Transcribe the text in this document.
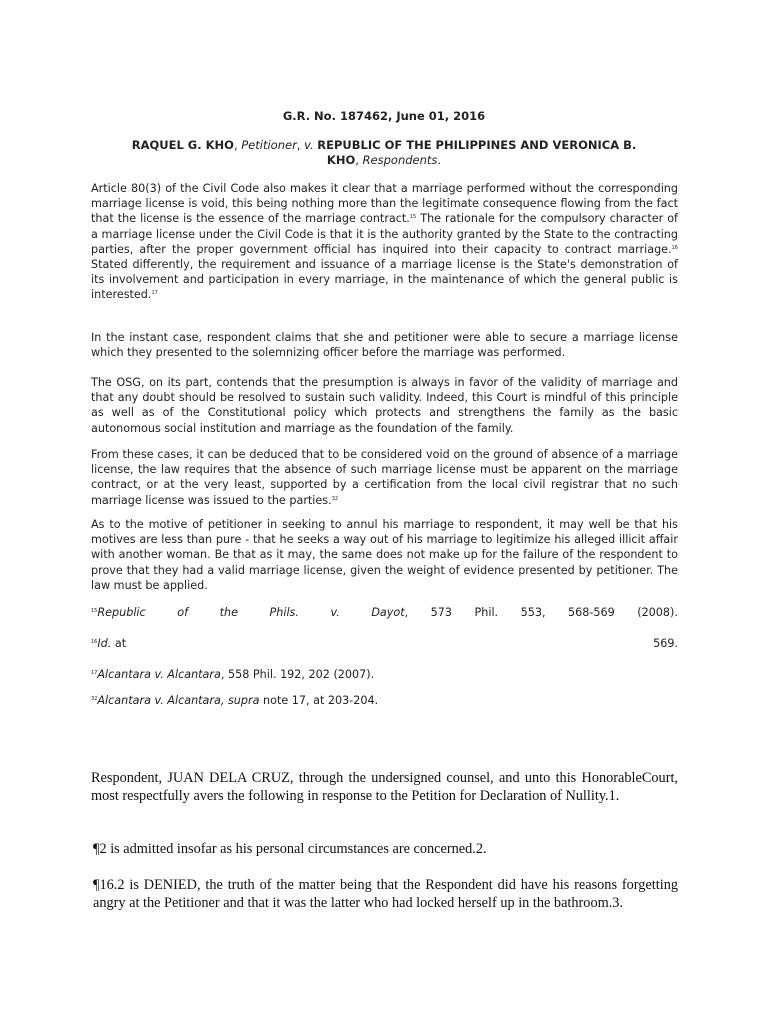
G.R. No. 187462, June 01, 2016
RAQUEL G. KHO, Petitioner, v. REPUBLIC OF THE PHILIPPINES AND VERONICA B.
KHO, Respondents.

Article 80(3) of the Civil Code also makes it clear that a marriage performed without the corresponding marriage license is void, this being nothing more than the legitimate consequence flowing from the fact that the license is the essence of the marriage contract.$^{15}$ The rationale for the compulsory character of a marriage license under the Civil Code is that it is the authority granted by the State to the contracting parties, after the proper government official has inquired into their capacity to contract marriage.$^{16}$ Stated differently, the requirement and issuance of a marriage license is the State's demonstration of its involvement and participation in every marriage, in the maintenance of which the general public is interested.$^{17}$

In the instant case, respondent claims that she and petitioner were able to secure a marriage license which they presented to the solemnizing officer before the marriage was performed.

The OSG, on its part, contends that the presumption is always in favor of the validity of marriage and that any doubt should be resolved to sustain such validity. Indeed, this Court is mindful of this principle as well as of the Constitutional policy which protects and strengthens the family as the basic autonomous social institution and marriage as the foundation of the family.

From these cases, it can be deduced that to be considered void on the ground of absence of a marriage license, the law requires that the absence of such marriage license must be apparent on the marriage contract, or at the very least, supported by a certification from the local civil registrar that no such marriage license was issued to the parties.$^{32}$

As to the motive of petitioner in seeking to annul his marriage to respondent, it may well be that his motives are less than pure - that he seeks a way out of his marriage to legitimize his alleged illicit affair with another woman. Be that as it may, the same does not make up for the failure of the respondent to prove that they had a valid marriage license, given the weight of evidence presented by petitioner. The law must be applied.

$^{15}$Republic of the Phils. v. Dayot, 573 Phil. 553, 568-569 (2008).
$^{16}$Id. at	569.
$^{17}$Alcantara v. Alcantara, 558 Phil. 192, 202 (2007).
$^{32}$Alcantara v. Alcantara, supra note 17, at 203-204.

Respondent, JUAN DELA CRUZ, through the undersigned counsel, and unto this HonorableCourt, most respectfully avers the following in response to the Petition for Declaration of Nullity.1.

¶2 is admitted insofar as his personal circumstances are concerned.2.

¶16.2 is DENIED, the truth of the matter being that the Respondent did have his reasons forgetting angry at the Petitioner and that it was the latter who had locked herself up in the bathroom.3.
